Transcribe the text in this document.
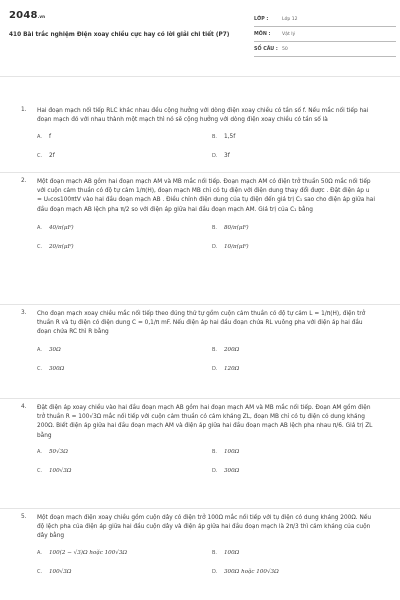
2048.vn
410 Bài trắc nghiệm Điện xoay chiều cực hay có lời giải chi tiết (P7)
LỚP :	Lớp 12
MÔN :	Vật lý
SỐ CÂU : 50
1. Hai đoạn mạch nối tiếp RLC khác nhau đều cộng hưởng với dòng điện xoay chiều có tần số f. Nếu mắc nối tiếp hai đoạn mạch đó với nhau thành một mạch thì nó sẽ cộng hưởng với dòng điện xoay chiều có tần số là
A. f	B. 1,5f
C. 2f	D. 3f
2. Một đoạn mạch AB gồm hai đoạn mạch AM và MB mắc nối tiếp. Đoạn mạch AM có điện trở thuần 50Ω mắc nối tiếp với cuộn cảm thuần có độ tự cảm 1/π(H), đoạn mạch MB chỉ có tụ điện với điện dung thay đổi được . Đặt điện áp u = U₀cos100πtV vào hai đầu đoạn mạch AB . Điều chỉnh điện dung của tụ điện đến giá trị C₁ sao cho điện áp giữa hai đầu đoạn mạch AB lệch pha π/2 so với điện áp giữa hai đầu đoạn mạch AM. Giá trị của C₁ bằng
A. 40/π(μF)	B. 80/π(μF)
C. 20/π(μF)	D. 10/π(μF)
3. Cho đoạn mạch xoay chiều mắc nối tiếp theo đúng thứ tự gồm cuộn cảm thuần có độ tự cảm L = 1/π(H), điện trở thuần R và tụ điện có điện dung C = 0,1/π mF. Nếu điện áp hai đầu đoạn chứa RL vuông pha với điện áp hai đầu đoạn chứa RC thì R bằng
A. 30Ω	B. 200Ω
C. 300Ω	D. 120Ω
4. Đặt điện áp xoay chiều vào hai đầu đoạn mạch AB gồm hai đoạn mạch AM và MB mắc nối tiếp. Đoạn AM gồm điện trở thuần R = 100√3Ω mắc nối tiếp với cuộn cảm thuần có cảm kháng ZL, đoạn MB chỉ có tụ điện có dung kháng 200Ω. Biết điện áp giữa hai đầu đoạn mạch AM và điện áp giữa hai đầu đoạn mạch AB lệch pha nhau π/6. Giá trị ZL bằng
A. 50√3Ω	B. 100Ω
C. 100√3Ω	D. 300Ω
5. Một đoạn mạch điện xoay chiều gồm cuộn dây có điện trở 100Ω mắc nối tiếp với tụ điện có dung kháng 200Ω. Nếu độ lệch pha của điện áp giữa hai đầu cuộn dây và điện áp giữa hai đầu đoạn mạch là 2π/3 thì cảm kháng của cuộn dây bằng
A. 100(2 − √3)Ω hoặc 100√3Ω	B. 100Ω
C. 100√3Ω	D. 300Ω hoặc 100√3Ω
